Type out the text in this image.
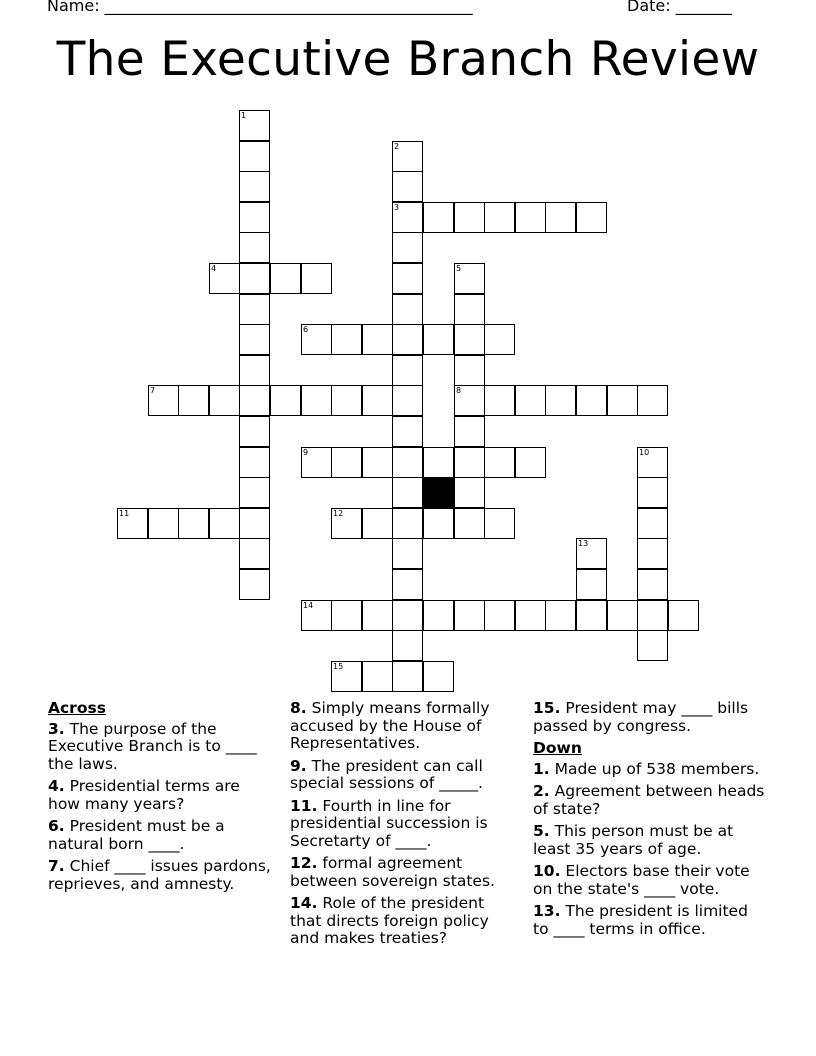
Name: ______________________________________________	Date: _______
The Executive Branch Review
1
2
3
4	5
8
6
7
9	10
11	12
13
14
15
Across
3. The purpose of the Executive Branch is to ____ the laws.
4. Presidential terms are how many years?
6. President must be a natural born ____.
7. Chief ____ issues pardons, reprieves, and amnesty.
8. Simply means formally accused by the House of Representatives.
9. The president can call special sessions of _____.
11. Fourth in line for presidential succession is Secretarty of ____.
12. formal agreement between sovereign states.
14. Role of the president that directs foreign policy and makes treaties?
15. President may ____ bills passed by congress.
Down
1. Made up of 538 members.
2. Agreement between heads of state?
5. This person must be at least 35 years of age.
10. Electors base their vote on the state's ____ vote.
13. The president is limited to ____ terms in office.
